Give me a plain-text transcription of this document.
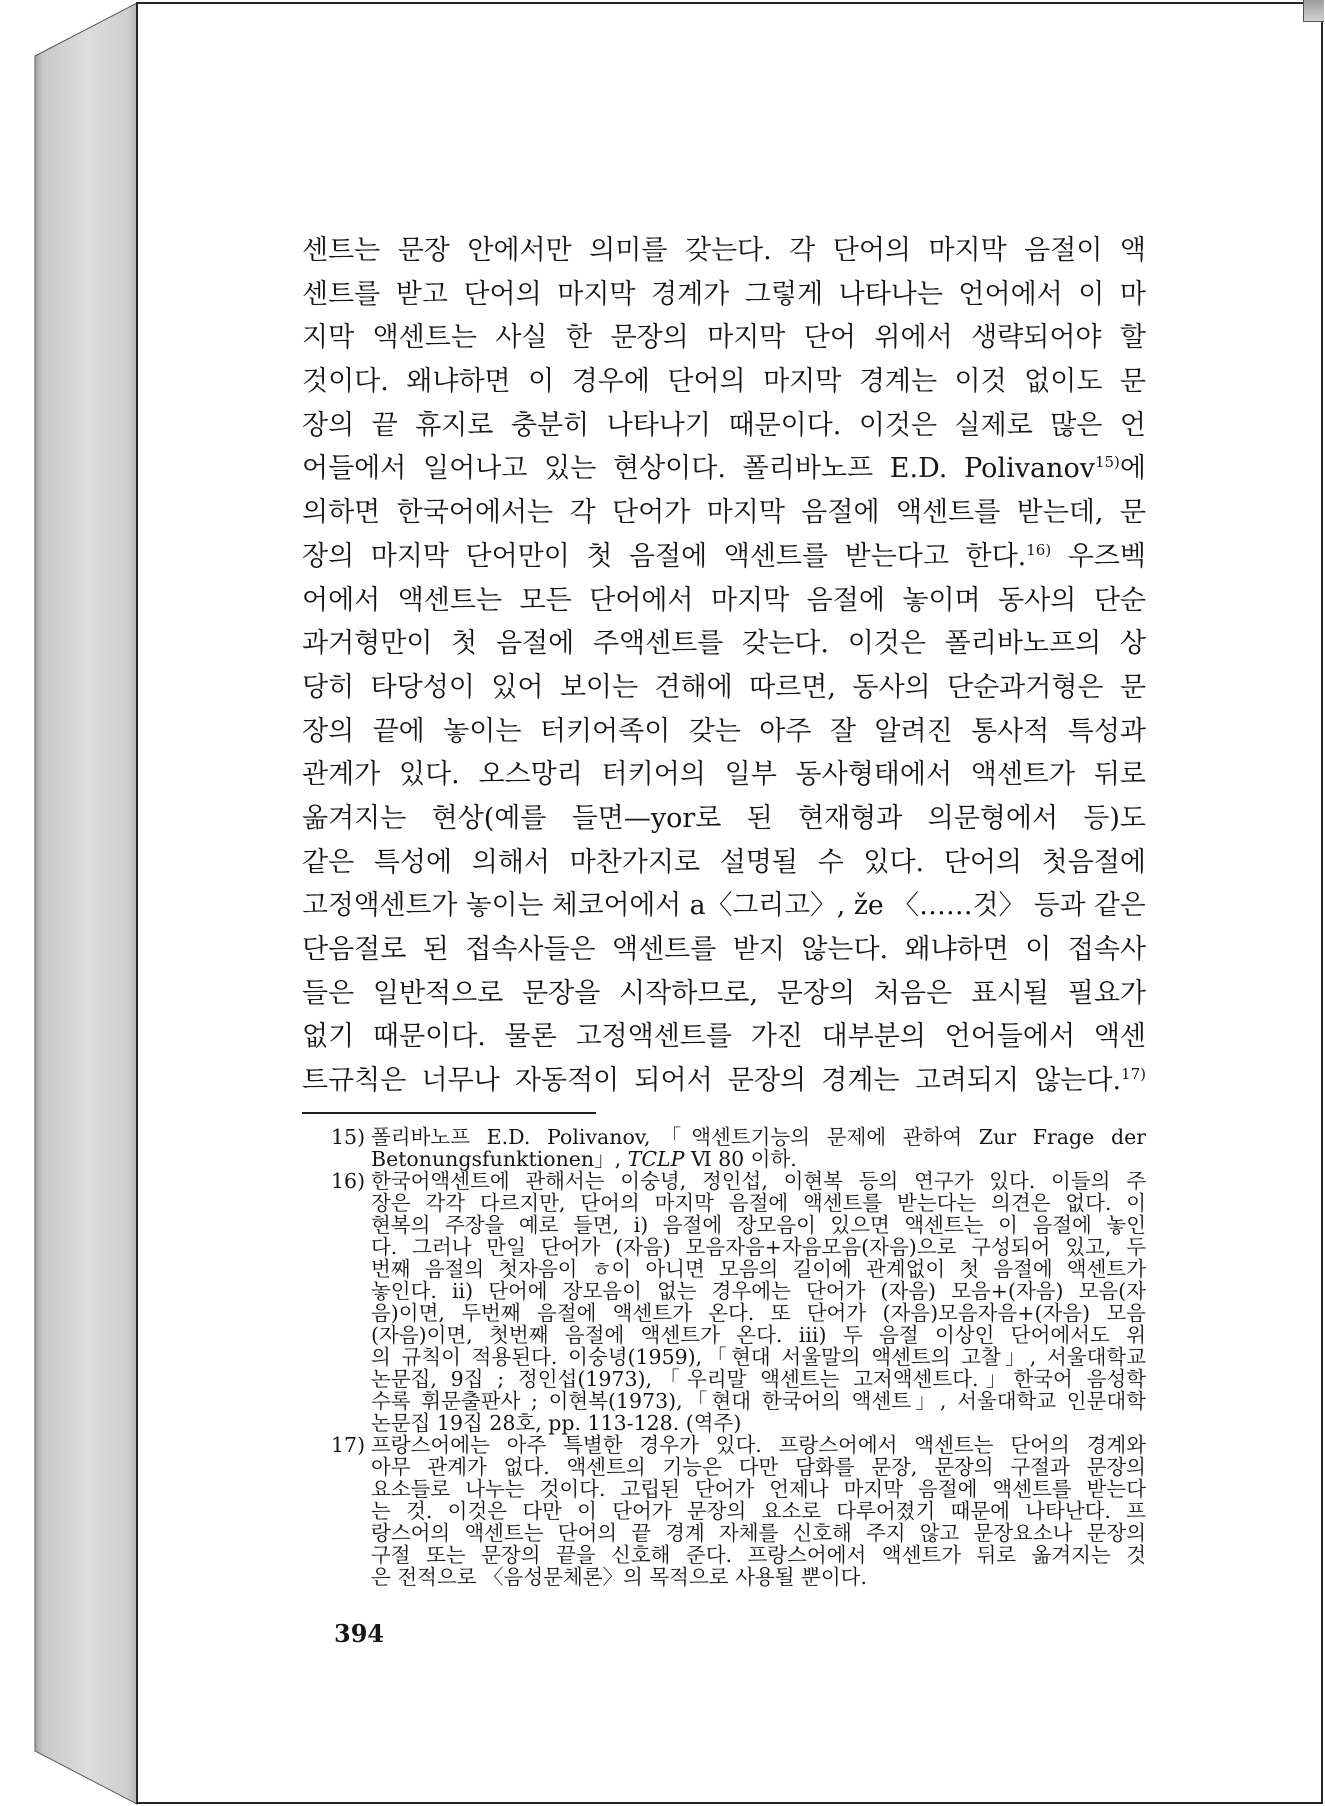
센트는 문장 안에서만 의미를 갖는다. 각 단어의 마지막 음절이 액
센트를 받고 단어의 마지막 경계가 그렇게 나타나는 언어에서 이 마
지막 액센트는 사실 한 문장의 마지막 단어 위에서 생략되어야 할
것이다. 왜냐하면 이 경우에 단어의 마지막 경계는 이것 없이도 문
장의 끝 휴지로 충분히 나타나기 때문이다. 이것은 실제로 많은 언
어들에서 일어나고 있는 현상이다. 폴리바노프 E.D. Polivanov$^{15)}$에
의하면 한국어에서는 각 단어가 마지막 음절에 액센트를 받는데, 문
장의 마지막 단어만이 첫 음절에 액센트를 받는다고 한다.$^{16)}$ 우즈벡
어에서 액센트는 모든 단어에서 마지막 음절에 놓이며 동사의 단순
과거형만이 첫 음절에 주액센트를 갖는다. 이것은 폴리바노프의 상
당히 타당성이 있어 보이는 견해에 따르면, 동사의 단순과거형은 문
장의 끝에 놓이는 터키어족이 갖는 아주 잘 알려진 통사적 특성과
관계가 있다. 오스망리 터키어의 일부 동사형태에서 액센트가 뒤로
옮겨지는 현상(예를 들면—yor로 된 현재형과 의문형에서 등)도
같은 특성에 의해서 마찬가지로 설명될 수 있다. 단어의 첫음절에
고정액센트가 놓이는 체코어에서 a〈그리고〉, že 〈……것〉 등과 같은
단음절로 된 접속사들은 액센트를 받지 않는다. 왜냐하면 이 접속사
들은 일반적으로 문장을 시작하므로, 문장의 처음은 표시될 필요가
없기 때문이다. 물론 고정액센트를 가진 대부분의 언어들에서 액센
트규칙은 너무나 자동적이 되어서 문장의 경계는 고려되지 않는다.$^{17)}$
15) 폴리바노프 E.D. Polivanov,「액센트기능의 문제에 관하여 Zur Frage der
Betonungsfunktionen」, TCLP Ⅵ 80 이하.
16) 한국어액센트에 관해서는 이숭녕, 정인섭, 이현복 등의 연구가 있다. 이들의 주
장은 각각 다르지만, 단어의 마지막 음절에 액센트를 받는다는 의견은 없다. 이
현복의 주장을 예로 들면, i) 음절에 장모음이 있으면 액센트는 이 음절에 놓인
다. 그러나 만일 단어가 (자음) 모음자음+자음모음(자음)으로 구성되어 있고, 두
번째 음절의 첫자음이 ㅎ이 아니면 모음의 길이에 관계없이 첫 음절에 액센트가
놓인다. ii) 단어에 장모음이 없는 경우에는 단어가 (자음) 모음+(자음) 모음(자
음)이면, 두번째 음절에 액센트가 온다. 또 단어가 (자음)모음자음+(자음) 모음
(자음)이면, 첫번째 음절에 액센트가 온다. iii) 두 음절 이상인 단어에서도 위
의 규칙이 적용된다. 이숭녕(1959),「현대 서울말의 액센트의 고찰」, 서울대학교
논문집, 9집 ; 정인섭(1973),「우리말 액센트는 고저액센트다.」한국어 음성학
수록 휘문출판사 ; 이현복(1973),「현대 한국어의 액센트」, 서울대학교 인문대학
논문집 19집 28호, pp. 113-128. (역주)
17) 프랑스어에는 아주 특별한 경우가 있다. 프랑스어에서 액센트는 단어의 경계와
아무 관계가 없다. 액센트의 기능은 다만 담화를 문장, 문장의 구절과 문장의
요소들로 나누는 것이다. 고립된 단어가 언제나 마지막 음절에 액센트를 받는다
는 것. 이것은 다만 이 단어가 문장의 요소로 다루어졌기 때문에 나타난다. 프
랑스어의 액센트는 단어의 끝 경계 자체를 신호해 주지 않고 문장요소나 문장의
구절 또는 문장의 끝을 신호해 준다. 프랑스어에서 액센트가 뒤로 옮겨지는 것
은 전적으로 〈음성문체론〉의 목적으로 사용될 뿐이다.
394
